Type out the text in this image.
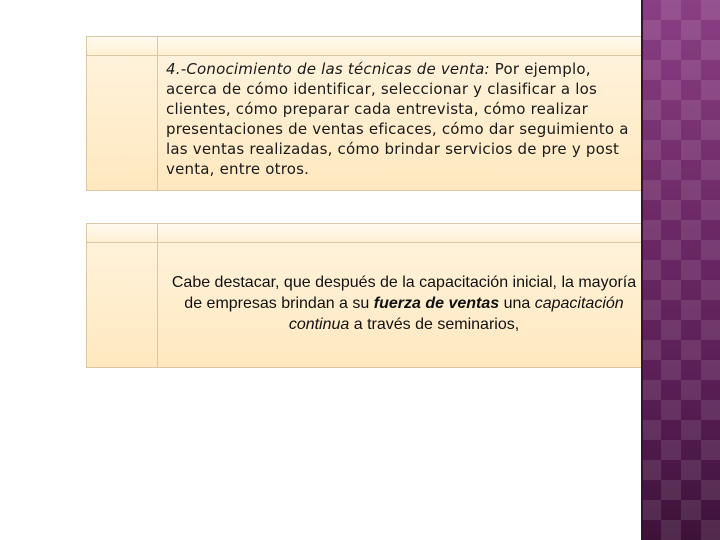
4.-Conocimiento de las técnicas de venta: Por ejemplo, acerca de cómo identificar, seleccionar y clasificar a los clientes, cómo preparar cada entrevista, cómo realizar presentaciones de ventas eficaces, cómo dar seguimiento a las ventas realizadas, cómo brindar servicios de pre y post venta, entre otros.
Cabe destacar, que después de la capacitación inicial, la mayoría de empresas brindan a su fuerza de ventas una capacitación continua a través de seminarios,
